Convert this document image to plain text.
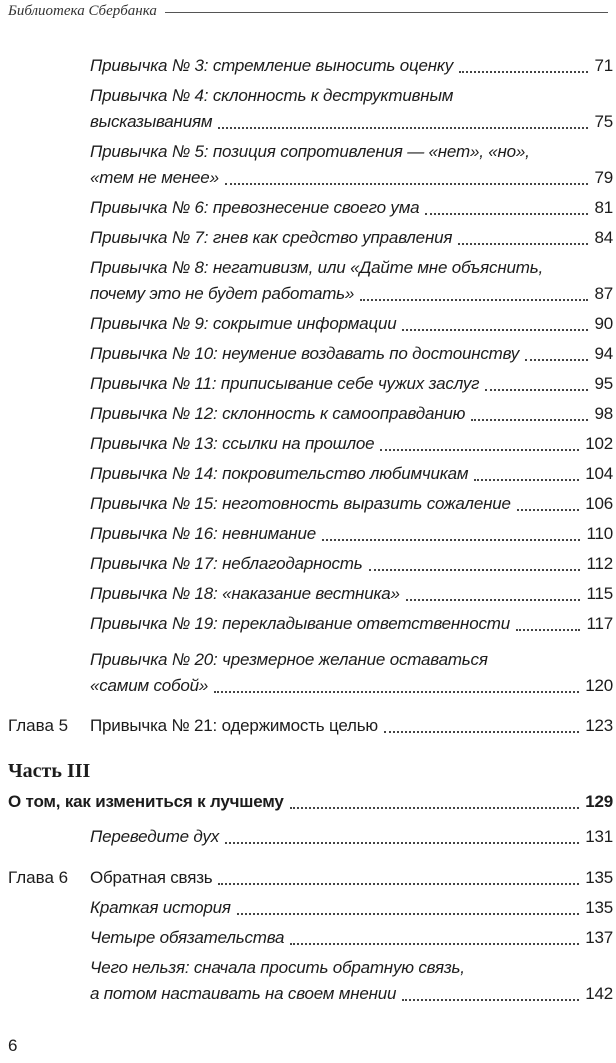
Библиотека Сбербанка
Привычка № 3: стремление выносить оценку	71
Привычка № 4: склонность к деструктивным
высказываниям	75
Привычка № 5: позиция сопротивления — «нет», «но»,
«тем не менее»	79
Привычка № 6: превознесение своего ума	81
Привычка № 7: гнев как средство управления	84
Привычка № 8: негативизм, или «Дайте мне объяснить,
почему это не будет работать»	87
Привычка № 9: сокрытие информации	90
Привычка № 10: неумение воздавать по достоинству	94
Привычка № 11: приписывание себе чужих заслуг	95
Привычка № 12: склонность к самооправданию	98
Привычка № 13: ссылки на прошлое	102
Привычка № 14: покровительство любимчикам	104
Привычка № 15: неготовность выразить сожаление	106
Привычка № 16: невнимание	110
Привычка № 17: неблагодарность	112
Привычка № 18: «наказание вестника»	115
Привычка № 19: перекладывание ответственности	117
Привычка № 20: чрезмерное желание оставаться
«самим собой»	120
Глава 5 Привычка № 21: одержимость целью	123
Часть III
О том, как измениться к лучшему	129
Переведите дух	131
Глава 6 Обратная связь	135
Краткая история	135
Четыре обязательства	137
Чего нельзя: сначала просить обратную связь,
а потом настаивать на своем мнении	142
6
